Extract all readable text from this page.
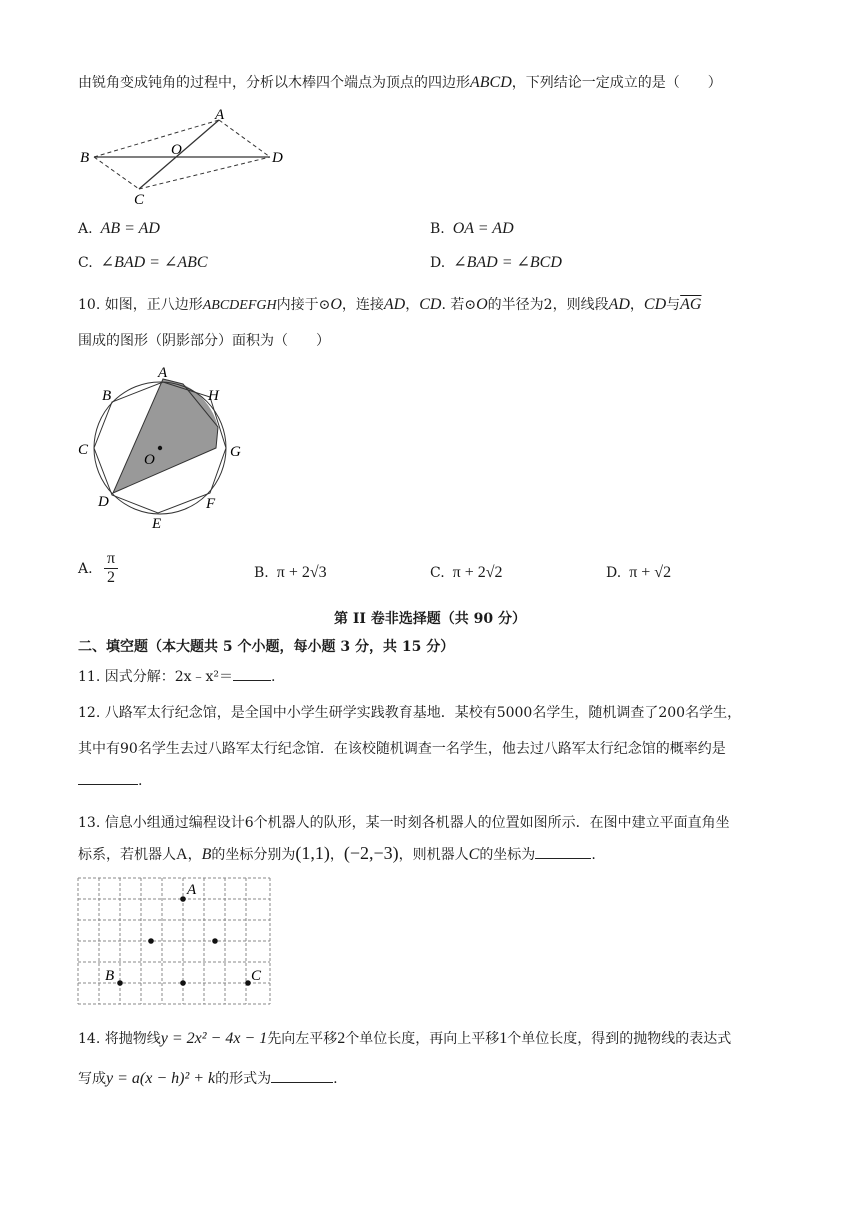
由锐角变成钝角的过程中，分析以木棒四个端点为顶点的四边形ABCD，下列结论一定成立的是（　　）
A
B
C
D
O
A. AB = AD	B. OA = AD
C. ∠BAD = ∠ABC	D. ∠BAD = ∠BCD
10. 如图，正八边形ABCDEFGH内接于⊙O，连接AD，CD. 若⊙O的半径为2，则线段AD，CD与$\overline{AG}$
围成的图形（阴影部分）面积为（　　）
A
B
C
D
E
F
G
H
O
A.
π
2	B. π + 2√3	C. π + 2√2	D. π + √2
第 II 卷非选择题（共 90 分）
二、填空题（本大题共 5 个小题，每小题 3 分，共 15 分）
11. 因式分解：2x﹣x²＝	.
12. 八路军太行纪念馆，是全国中小学生研学实践教育基地．某校有5000名学生，随机调查了200名学生，
其中有90名学生去过八路军太行纪念馆．在该校随机调查一名学生，他去过八路军太行纪念馆的概率约是
.
13. 信息小组通过编程设计6个机器人的队形，某一时刻各机器人的位置如图所示．在图中建立平面直角坐
标系，若机器人A，B的坐标分别为(1,1)，(−2,−3)，则机器人C的坐标为	.
A
B	C
14. 将抛物线y = 2x² − 4x − 1先向左平移2个单位长度，再向上平移1个单位长度，得到的抛物线的表达式
写成y = a(x − h)² + k的形式为	.
